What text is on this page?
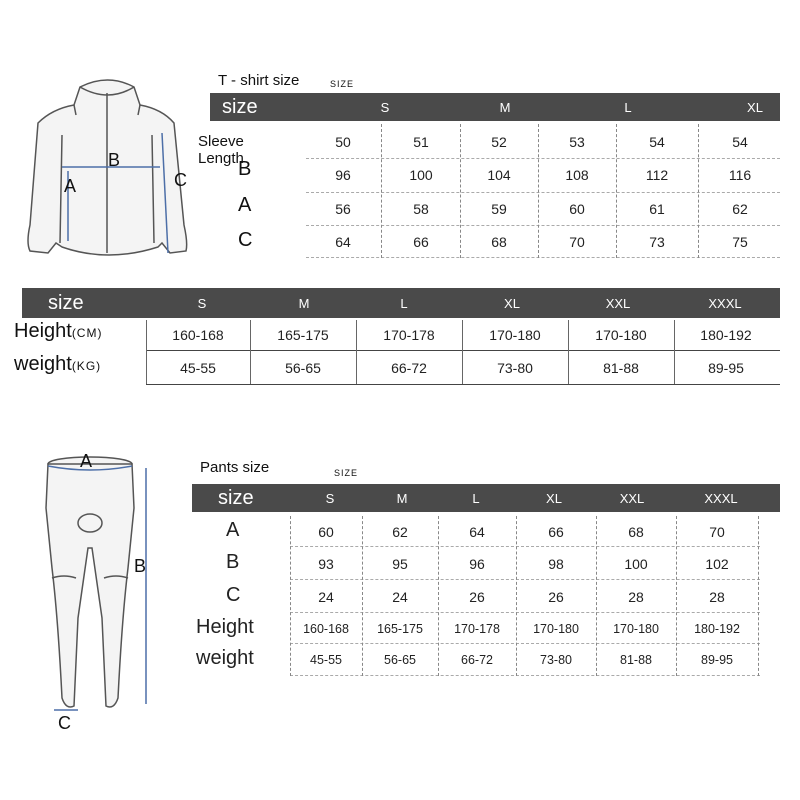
B
A	C
T - shirt size	SIZE
size	S	M	L	XL
Sleeve Length
50	51	52	53	54	54
B	96	100	104	108	112	116
A	56	58	59	60	61	62
C	64	66	68	70	73	75
size	S	M	L	XL	XXL	XXXL
Height(CM)	160-168	165-175	170-178	170-180	170-180	180-192
weight(KG)	45-55	56-65	66-72	73-80	81-88	89-95
A
B
C
Pants size	SIZE
size	S	M	L	XL	XXL	XXXL
A	60	62	64	66	68	70
B	93	95	96	98	100	102
C	24	24	26	26	28	28
Height	160-168	165-175	170-178	170-180	170-180	180-192
weight	45-55	56-65	66-72	73-80	81-88	89-95
